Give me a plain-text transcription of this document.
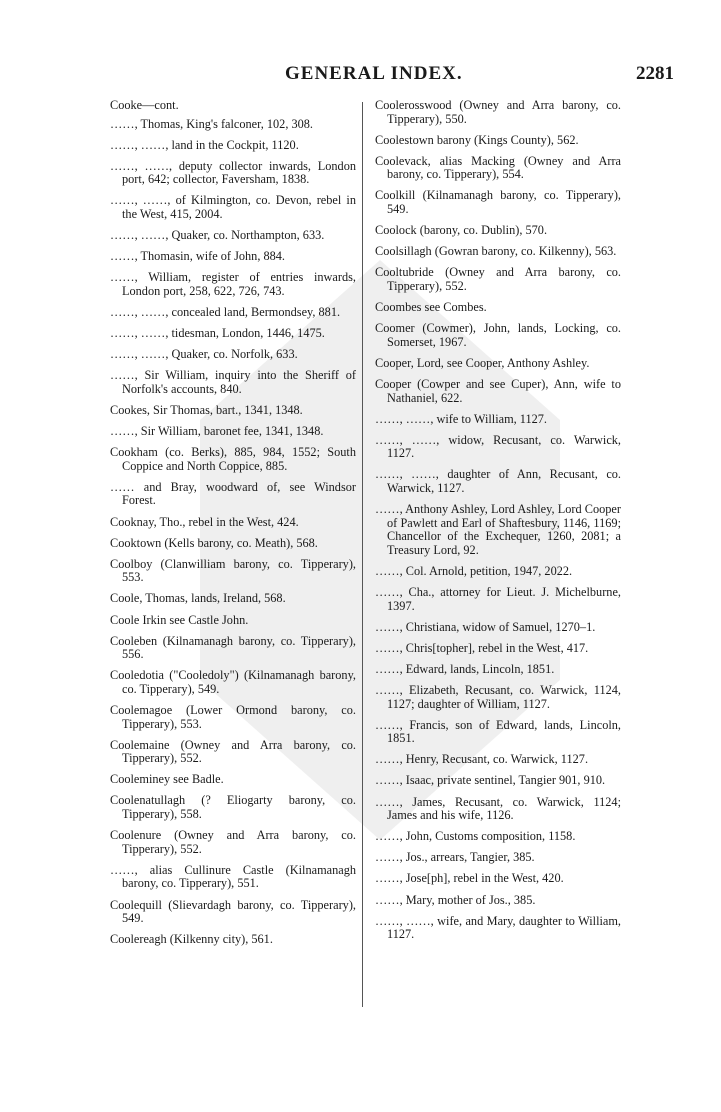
GENERAL INDEX.	2281

Cooke—cont.

……, Thomas, King's falconer, 102, 308.

……, ……, land in the Cockpit, 1120.

……, ……, deputy collector inwards, London port, 642; collector, Faversham, 1838.

……, ……, of Kilmington, co. Devon, rebel in the West, 415, 2004.

……, ……, Quaker, co. Northampton, 633.

……, Thomasin, wife of John, 884.

……, William, register of entries inwards, London port, 258, 622, 726, 743.

……, ……, concealed land, Bermondsey, 881.

……, ……, tidesman, London, 1446, 1475.

……, ……, Quaker, co. Norfolk, 633.

……, Sir William, inquiry into the Sheriff of Norfolk's accounts, 840.

Cookes, Sir Thomas, bart., 1341, 1348.

……, Sir William, baronet fee, 1341, 1348.

Cookham (co. Berks), 885, 984, 1552; South Coppice and North Coppice, 885.

…… and Bray, woodward of, see Windsor Forest.

Cooknay, Tho., rebel in the West, 424.

Cooktown (Kells barony, co. Meath), 568.

Coolboy (Clanwilliam barony, co. Tipperary), 553.

Coole, Thomas, lands, Ireland, 568.

Coole Irkin see Castle John.

Cooleben (Kilnamanagh barony, co. Tipperary), 556.

Cooledotia ("Cooledoly") (Kilnamanagh barony, co. Tipperary), 549.

Coolemagoe (Lower Ormond barony, co. Tipperary), 553.

Coolemaine (Owney and Arra barony, co. Tipperary), 552.

Cooleminey see Badle.

Coolenatullagh (? Eliogarty barony, co. Tipperary), 558.

Coolenure (Owney and Arra barony, co. Tipperary), 552.

……, alias Cullinure Castle (Kilnamanagh barony, co. Tipperary), 551.

Coolequill (Slievardagh barony, co. Tipperary), 549.

Coolereagh (Kilkenny city), 561.

Coolerosswood (Owney and Arra barony, co. Tipperary), 550.

Coolestown barony (Kings County), 562.

Coolevack, alias Macking (Owney and Arra barony, co. Tipperary), 554.

Coolkill (Kilnamanagh barony, co. Tipperary), 549.

Coolock (barony, co. Dublin), 570.

Coolsillagh (Gowran barony, co. Kilkenny), 563.

Cooltubride (Owney and Arra barony, co. Tipperary), 552.

Coombes see Combes.

Coomer (Cowmer), John, lands, Locking, co. Somerset, 1967.

Cooper, Lord, see Cooper, Anthony Ashley.

Cooper (Cowper and see Cuper), Ann, wife to Nathaniel, 622.

……, ……, wife to William, 1127.

……, ……, widow, Recusant, co. Warwick, 1127.

……, ……, daughter of Ann, Recusant, co. Warwick, 1127.

……, Anthony Ashley, Lord Ashley, Lord Cooper of Pawlett and Earl of Shaftesbury, 1146, 1169; Chancellor of the Exchequer, 1260, 2081; a Treasury Lord, 92.

……, Col. Arnold, petition, 1947, 2022.

……, Cha., attorney for Lieut. J. Michelburne, 1397.

……, Christiana, widow of Samuel, 1270–1.

……, Chris[topher], rebel in the West, 417.

……, Edward, lands, Lincoln, 1851.

……, Elizabeth, Recusant, co. Warwick, 1124, 1127; daughter of William, 1127.

……, Francis, son of Edward, lands, Lincoln, 1851.

……, Henry, Recusant, co. Warwick, 1127.

……, Isaac, private sentinel, Tangier 901, 910.

……, James, Recusant, co. Warwick, 1124; James and his wife, 1126.

……, John, Customs composition, 1158.

……, Jos., arrears, Tangier, 385.

……, Jose[ph], rebel in the West, 420.

……, Mary, mother of Jos., 385.

……, ……, wife, and Mary, daughter to William, 1127.
